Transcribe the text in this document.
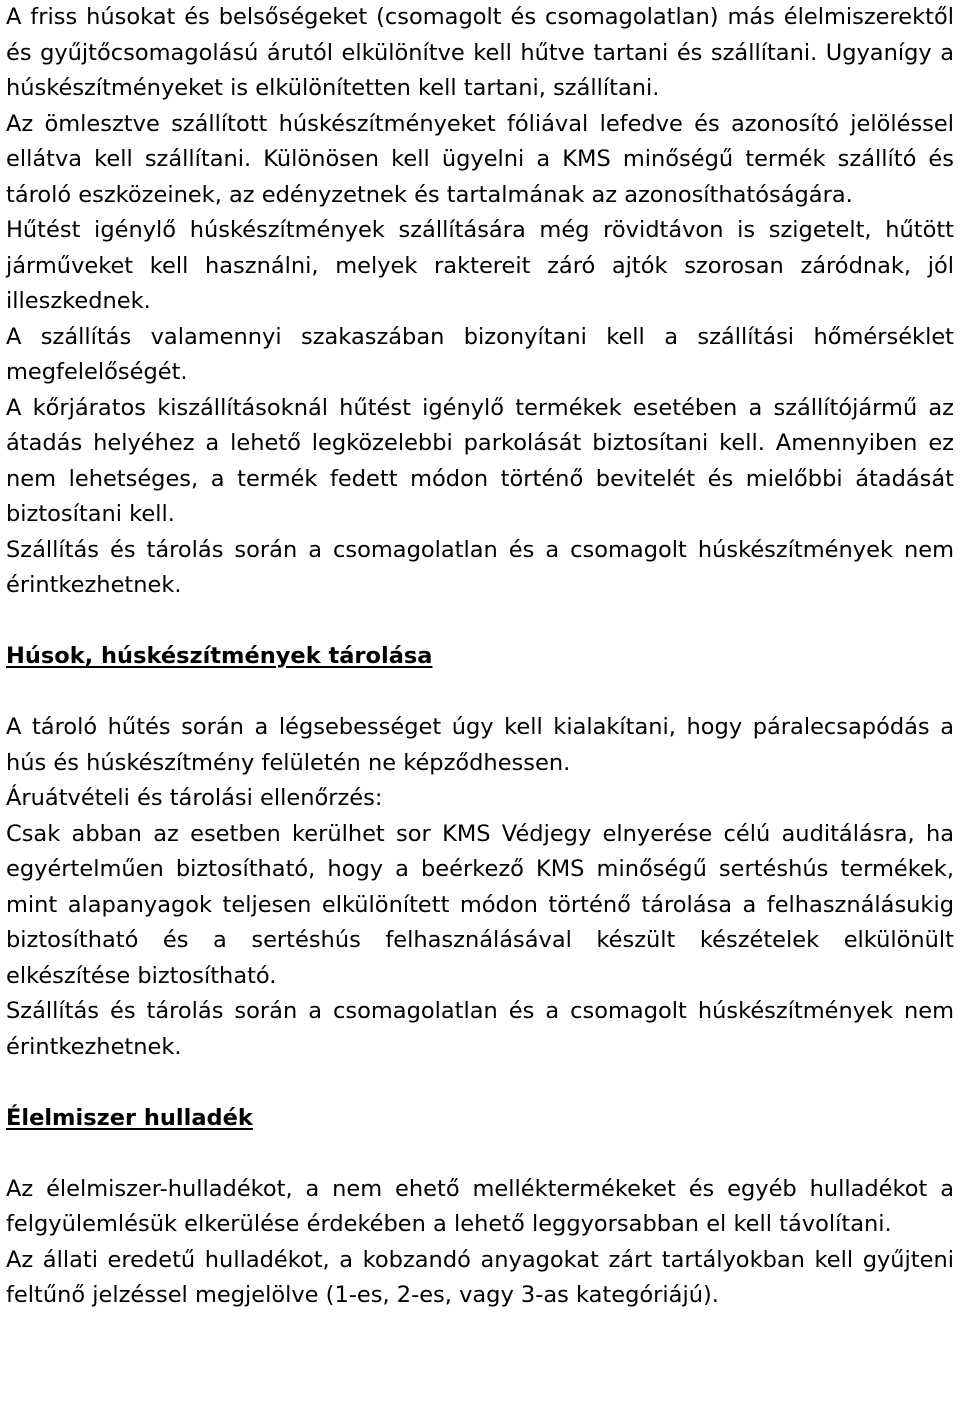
A friss húsokat és belsőségeket (csomagolt és csomagolatlan) más élelmiszerektől és gyűjtőcsomagolású árutól elkülönítve kell hűtve tartani és szállítani. Ugyanígy a húskészítményeket is elkülönítetten kell tartani, szállítani.

Az ömlesztve szállított húskészítményeket fóliával lefedve és azonosító jelöléssel ellátva kell szállítani. Különösen kell ügyelni a KMS minőségű termék szállító és tároló eszközeinek, az edényzetnek és tartalmának az azonosíthatóságára.

Hűtést igénylő húskészítmények szállítására még rövidtávon is szigetelt, hűtött járműveket kell használni, melyek raktereit záró ajtók szorosan záródnak, jól illeszkednek.

A szállítás valamennyi szakaszában bizonyítani kell a szállítási hőmérséklet megfelelőségét.

A kőrjáratos kiszállításoknál hűtést igénylő termékek esetében a szállítójármű az átadás helyéhez a lehető legközelebbi parkolását biztosítani kell. Amennyiben ez nem lehetséges, a termék fedett módon történő bevitelét és mielőbbi átadását biztosítani kell.

Szállítás és tárolás során a csomagolatlan és a csomagolt húskészítmények nem érintkezhetnek.

Húsok, húskészítmények tárolása

A tároló hűtés során a légsebességet úgy kell kialakítani, hogy páralecsapódás a hús és húskészítmény felületén ne képződhessen.

Áruátvételi és tárolási ellenőrzés:

Csak abban az esetben kerülhet sor KMS Védjegy elnyerése célú auditálásra, ha egyértelműen biztosítható, hogy a beérkező KMS minőségű sertéshús termékek, mint alapanyagok teljesen elkülönített módon történő tárolása a felhasználásukig biztosítható és a sertéshús felhasználásával készült készételek elkülönült elkészítése biztosítható.

Szállítás és tárolás során a csomagolatlan és a csomagolt húskészítmények nem érintkezhetnek.

Élelmiszer hulladék

Az élelmiszer-hulladékot, a nem ehető melléktermékeket és egyéb hulladékot a felgyülemlésük elkerülése érdekében a lehető leggyorsabban el kell távolítani.

Az állati eredetű hulladékot, a kobzandó anyagokat zárt tartályokban kell gyűjteni feltűnő jelzéssel megjelölve (1-es, 2-es, vagy 3-as kategóriájú).
